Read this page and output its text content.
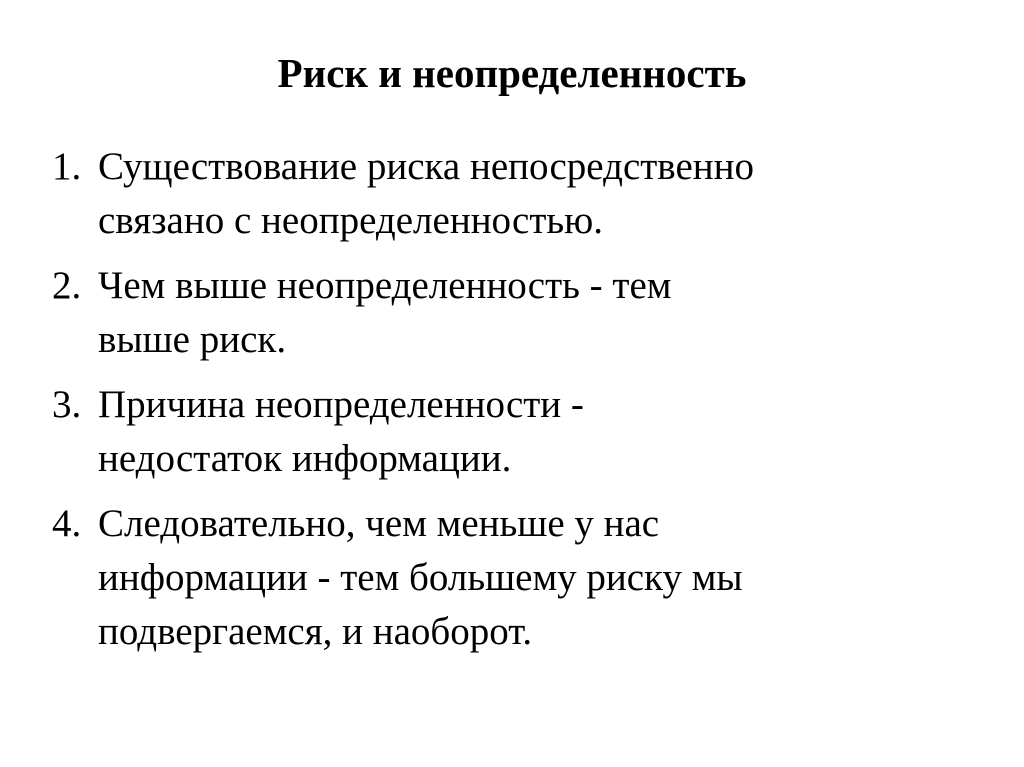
Риск и неопределенность
1. Существование риска непосредственно
связано с неопределенностью.
2. Чем выше неопределенность - тем
выше риск.
3. Причина неопределенности -
недостаток информации.
4. Следовательно, чем меньше у нас
информации - тем большему риску мы
подвергаемся, и наоборот.
